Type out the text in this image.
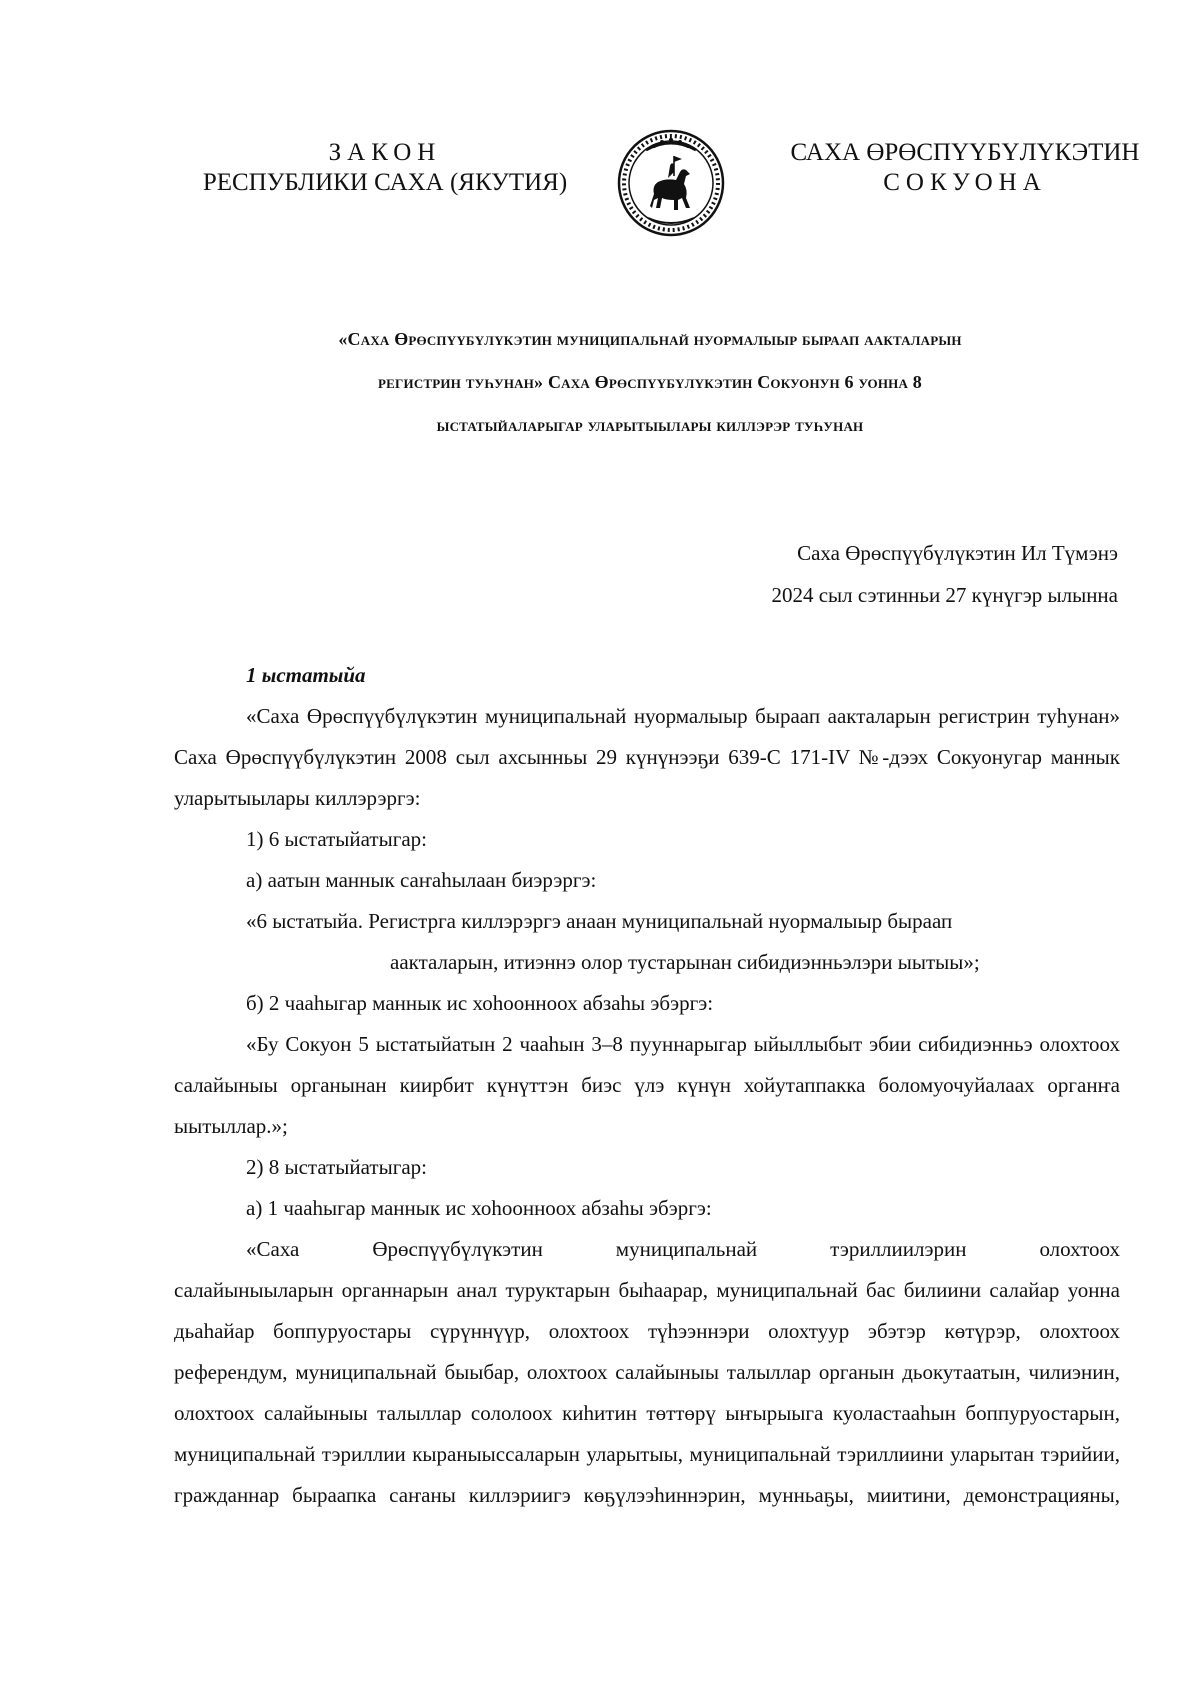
ЗАКОН
РЕСПУБЛИКИ САХА (ЯКУТИЯ)
САХА ӨРӨСПҮҮБҮЛҮКЭТИН
СОКУОНА
«Саха Өрөспүүбүлүкэтин муниципальнай нуормалыыр быраап аакталарын
регистрин туһунан» Саха Өрөспүүбүлүкэтин Сокуонун 6 уонна 8
ыстатыйаларыгар уларытыылары киллэрэр туһунан
Саха Өрөспүүбүлүкэтин Ил Түмэнэ
2024 сыл сэтинньи 27 күнүгэр ылынна
1 ыстатыйа

«Саха Өрөспүүбүлүкэтин муниципальнай нуормалыыр быраап аакталарын регистрин туһунан» Саха Өрөспүүбүлүкэтин 2008 сыл ахсынньы 29 күнүнээҕи 639-С 171-IV №-дээх Сокуонугар маннык уларытыылары киллэрэргэ:

1) 6 ыстатыйатыгар:

а) аатын маннык саҥаһылаан биэрэргэ:

«6 ыстатыйа. Регистрга киллэрэргэ анаан муниципальнай нуормалыыр быраап

аакталарын, итиэннэ олор тустарынан сибидиэнньэлэри ыытыы»;

б) 2 чааһыгар маннык ис хоһоонноох абзаһы эбэргэ:

«Бу Сокуон 5 ыстатыйатын 2 чааһын 3–8 пууннарыгар ыйыллыбыт эбии сибидиэнньэ олохтоох салайыныы органынан киирбит күнүттэн биэс үлэ күнүн хойутаппакка боломуочуйалаах органҥа ыытыллар.»;

2) 8 ыстатыйатыгар:

а) 1 чааһыгар маннык ис хоһоонноох абзаһы эбэргэ:

«Саха Өрөспүүбүлүкэтин муниципальнай тэриллиилэрин олохтоох

салайыныыларын органнарын анал туруктарын быһаарар, муниципальнай бас билиини салайар уонна дьаһайар боппуруостары сүрүннүүр, олохтоох түһээннэри олохтуур эбэтэр көтүрэр, олохтоох референдум, муниципальнай быыбар, олохтоох салайыныы талыллар органын дьокутаатын, чилиэнин, олохтоох салайыныы талыллар сололоох киһитин төттөрү ыҥырыыга куоластааһын боппуруостарын, муниципальнай тэриллии кыраныыссаларын уларытыы, муниципальнай тэриллиини уларытан тэрийии, гражданнар быраапка саҥаны киллэриигэ көҕүлээһиннэрин, мунньаҕы, миитини, демонстрацияны,
